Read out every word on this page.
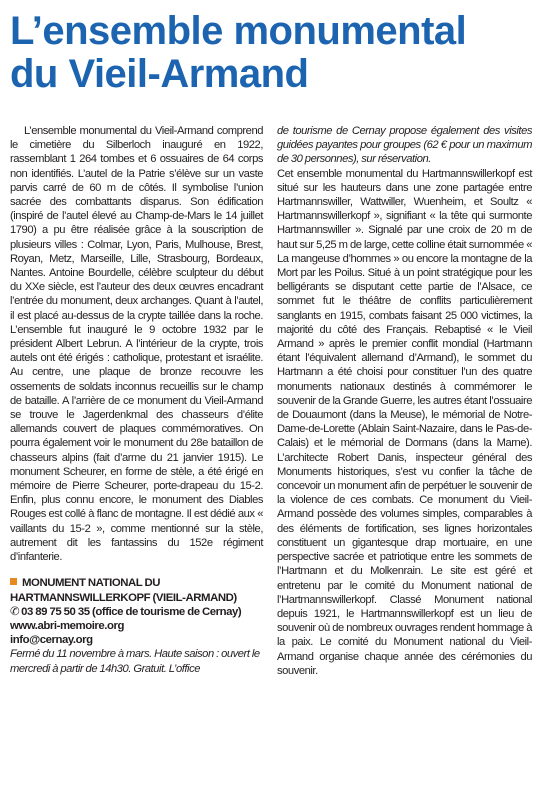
L’ensemble monumental
du Vieil-Armand

L’ensemble monumental du Vieil-Armand comprend le cimetière du Silberloch inauguré en 1922, rassemblant 1 264 tombes et 6 ossuaires de 64 corps non identifiés. L’autel de la Patrie s’élève sur un vaste parvis carré de 60 m de côtés. Il symbolise l’union sacrée des combattants disparus. Son édification (inspiré de l’autel élevé au Champ-de-Mars le 14 juillet 1790) a pu être réalisée grâce à la souscription de plusieurs villes : Colmar, Lyon, Paris, Mulhouse, Brest, Royan, Metz, Marseille, Lille, Strasbourg, Bordeaux, Nantes. Antoine Bourdelle, célèbre sculpteur du début du XXe siècle, est l’auteur des deux œuvres encadrant l’entrée du monument, deux archanges. Quant à l’autel, il est placé au-dessus de la crypte taillée dans la roche. L’ensemble fut inauguré le 9 octobre 1932 par le président Albert Lebrun. A l’intérieur de la crypte, trois autels ont été érigés : catholique, protestant et israélite. Au centre, une plaque de bronze recouvre les ossements de soldats inconnus recueillis sur le champ de bataille. A l’arrière de ce monument du Vieil-Armand se trouve le Jagerdenkmal des chasseurs d’élite allemands couvert de plaques commémoratives. On pourra également voir le monument du 28e bataillon de chasseurs alpins (fait d’arme du 21 janvier 1915). Le monument Scheurer, en forme de stèle, a été érigé en mémoire de Pierre Scheurer, porte-drapeau du 15-2. Enfin, plus connu encore, le monument des Diables Rouges est collé à flanc de montagne. Il est dédié aux « vaillants du 15-2 », comme mentionné sur la stèle, autrement dit les fantassins du 152e régiment d’infanterie.

MONUMENT NATIONAL DU HARTMANNSWILLERKOPF (VIEIL-ARMAND)
✆ 03 89 75 50 35 (office de tourisme de Cernay)
www.abri-memoire.org
info@cernay.org
Fermé du 11 novembre à mars. Haute saison : ouvert le mercredi à partir de 14h30. Gratuit. L’office

de tourisme de Cernay propose également des visites guidées payantes pour groupes (62 € pour un maximum de 30 personnes), sur réservation.

Cet ensemble monumental du Hartmannswillerkopf est situé sur les hauteurs dans une zone partagée entre Hartmannswiller, Wattwiller, Wuenheim, et Soultz « Hartmannswillerkopf », signifiant « la tête qui surmonte Hartmannswiller ». Signalé par une croix de 20 m de haut sur 5,25 m de large, cette colline était surnommée « La mangeuse d’hommes » ou encore la montagne de la Mort par les Poilus. Situé à un point stratégique pour les belligérants se disputant cette partie de l’Alsace, ce sommet fut le théâtre de conflits particulièrement sanglants en 1915, combats faisant 25 000 victimes, la majorité du côté des Français. Rebaptisé « le Vieil Armand » après le premier conflit mondial (Hartmann étant l’équivalent allemand d’Armand), le sommet du Hartmann a été choisi pour constituer l’un des quatre monuments nationaux destinés à commémorer le souvenir de la Grande Guerre, les autres étant l’ossuaire de Douaumont (dans la Meuse), le mémorial de Notre-Dame-de-Lorette (Ablain Saint-Nazaire, dans le Pas-de-Calais) et le mémorial de Dormans (dans la Marne). L’architecte Robert Danis, inspecteur général des Monuments historiques, s’est vu confier la tâche de concevoir un monument afin de perpétuer le souvenir de la violence de ces combats. Ce monument du Vieil-Armand possède des volumes simples, comparables à des éléments de fortification, ses lignes horizontales constituent un gigantesque drap mortuaire, en une perspective sacrée et patriotique entre les sommets de l’Hartmann et du Molkenrain. Le site est géré et entretenu par le comité du Monument national de l’Hartmannswillerkopf. Classé Monument national depuis 1921, le Hartmannswillerkopf est un lieu de souvenir où de nombreux ouvrages rendent hommage à la paix. Le comité du Monument national du Vieil-Armand organise chaque année des cérémonies du souvenir.
